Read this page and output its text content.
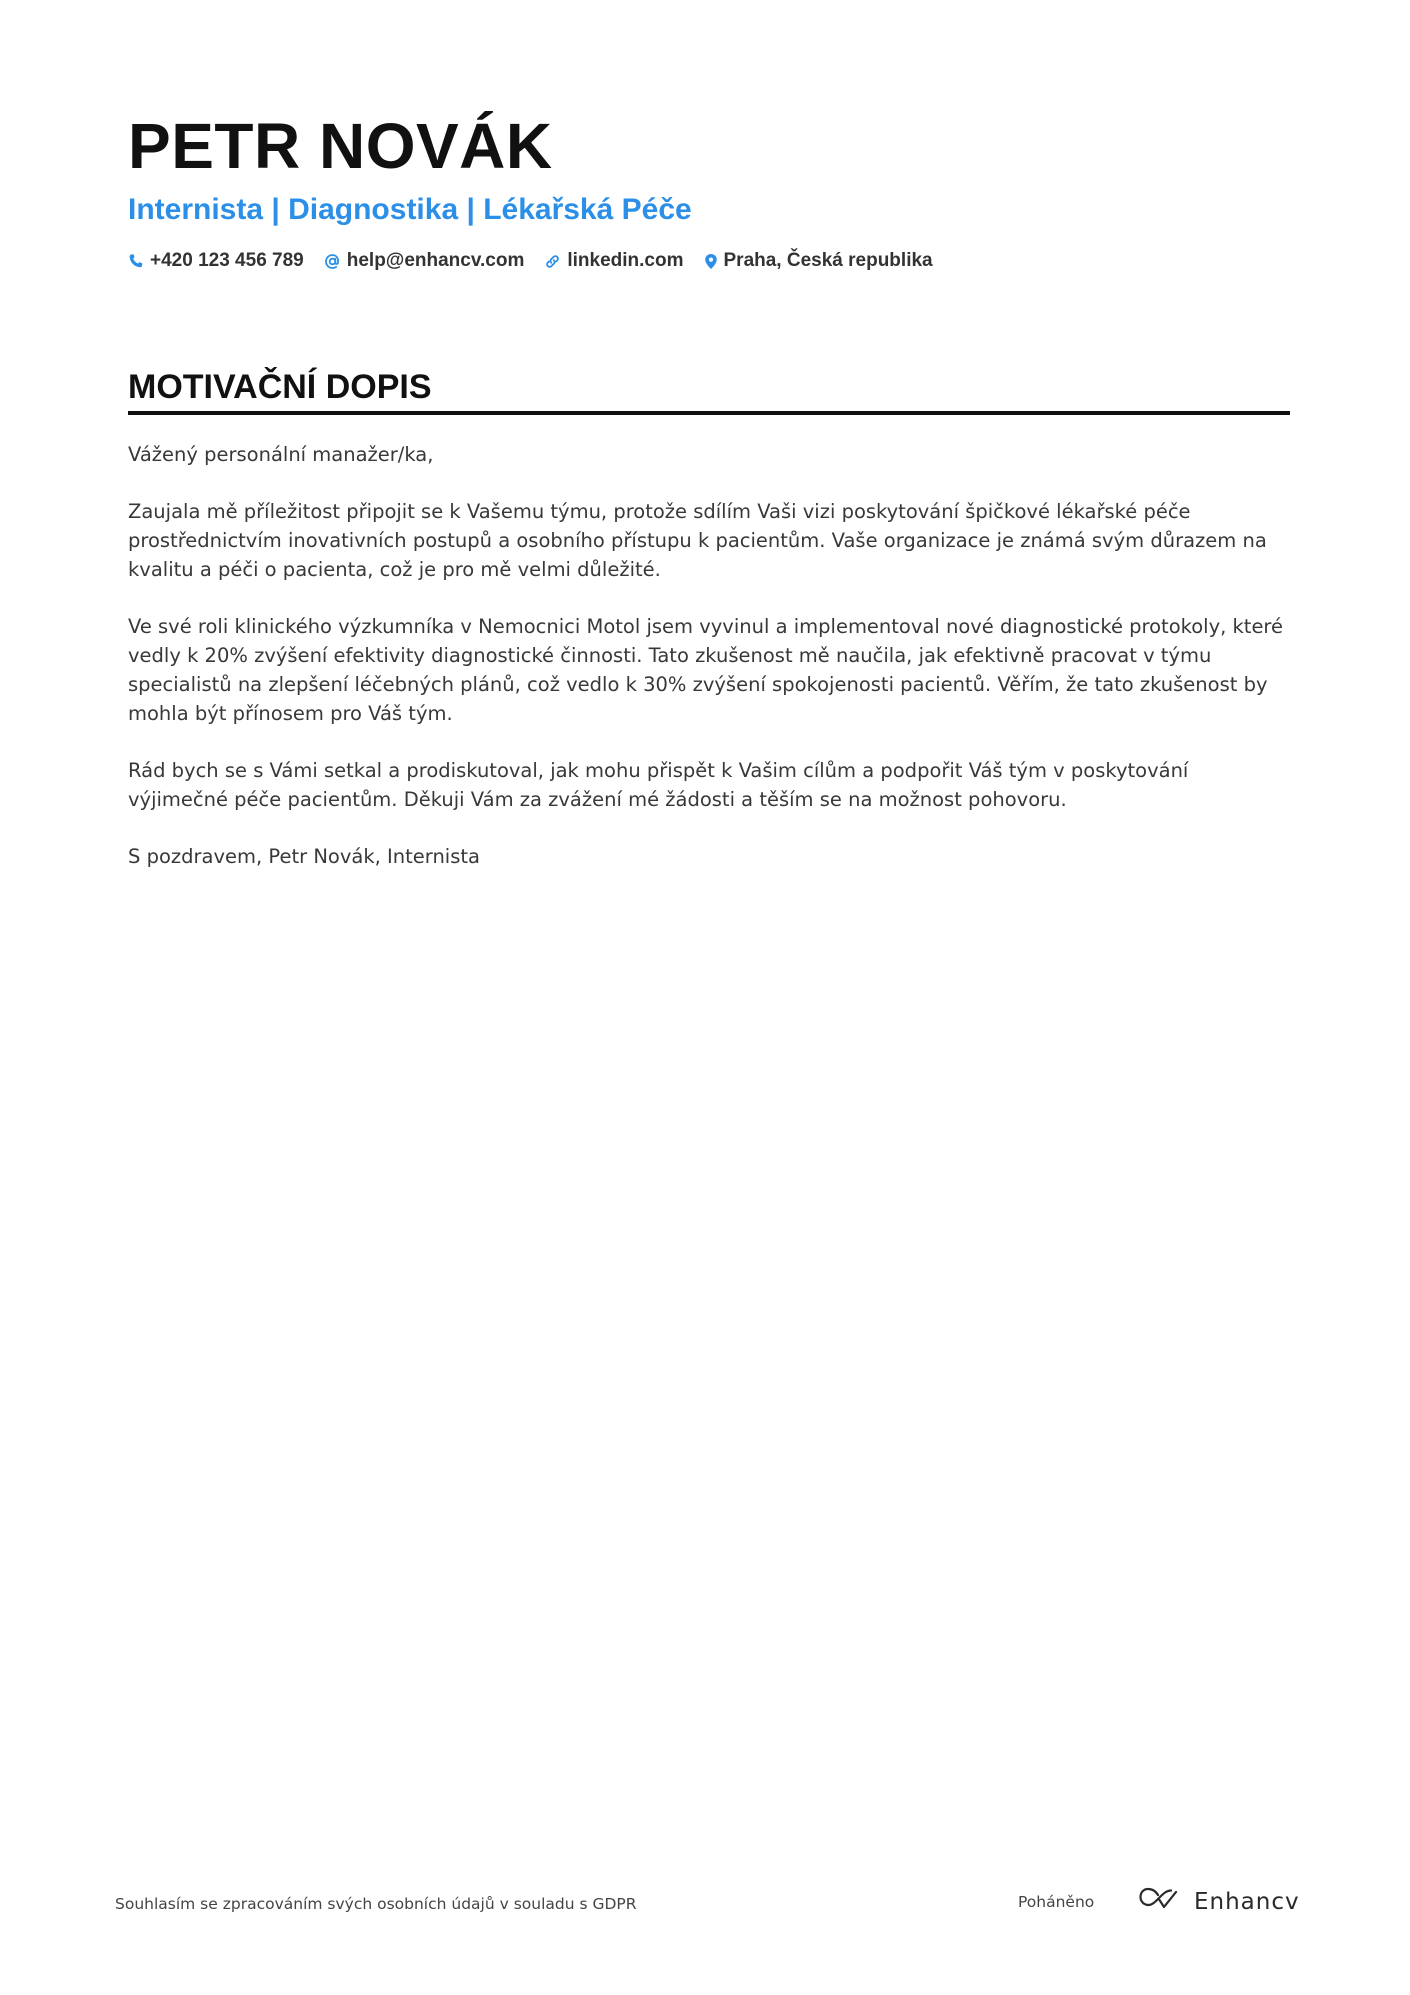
PETR NOVÁK
Internista | Diagnostika | Lékařská Péče
+420 123 456 789 help@enhancv.com linkedin.com Praha, Česká republika
MOTIVAČNÍ DOPIS

Vážený personální manažer/ka,

Zaujala mě příležitost připojit se k Vašemu týmu, protože sdílím Vaši vizi poskytování špičkové lékařské péče prostřednictvím inovativních postupů a osobního přístupu k pacientům. Vaše organizace je známá svým důrazem na kvalitu a péči o pacienta, což je pro mě velmi důležité.

Ve své roli klinického výzkumníka v Nemocnici Motol jsem vyvinul a implementoval nové diagnostické protokoly, které vedly k 20% zvýšení efektivity diagnostické činnosti. Tato zkušenost mě naučila, jak efektivně pracovat v týmu specialistů na zlepšení léčebných plánů, což vedlo k 30% zvýšení spokojenosti pacientů. Věřím, že tato zkušenost by mohla být přínosem pro Váš tým.

Rád bych se s Vámi setkal a prodiskutoval, jak mohu přispět k Vašim cílům a podpořit Váš tým v poskytování výjimečné péče pacientům. Děkuji Vám za zvážení mé žádosti a těším se na možnost pohovoru.

S pozdravem, Petr Novák, Internista

Souhlasím se zpracováním svých osobních údajů v souladu s GDPR	Poháněno	Enhancv
